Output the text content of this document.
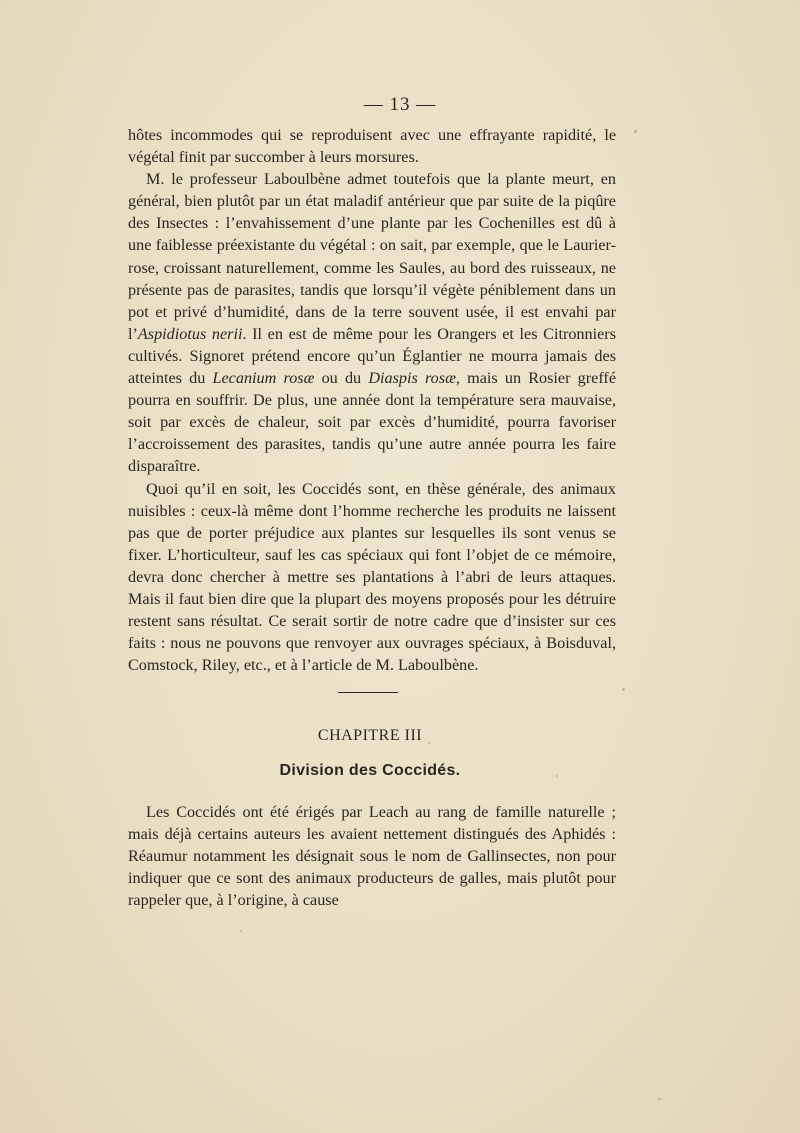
— 13 —

hôtes incommodes qui se reproduisent avec une effrayante rapidité, le végétal finit par succomber à leurs morsures.

M. le professeur Laboulbène admet toutefois que la plante meurt, en général, bien plutôt par un état maladif antérieur que par suite de la piqûre des Insectes : l’envahissement d’une plante par les Cochenilles est dû à une faiblesse préexistante du végétal : on sait, par exemple, que le Laurier-rose, croissant naturellement, comme les Saules, au bord des ruisseaux, ne présente pas de parasites, tandis que lorsqu’il végète péniblement dans un pot et privé d’humidité, dans de la terre souvent usée, il est envahi par l’Aspidiotus nerii. Il en est de même pour les Orangers et les Citronniers cultivés. Signoret prétend encore qu’un Églantier ne mourra jamais des atteintes du Lecanium rosæ ou du Diaspis rosæ, mais un Rosier greffé pourra en souffrir. De plus, une année dont la température sera mauvaise, soit par excès de chaleur, soit par excès d’humidité, pourra favoriser l’accroissement des parasites, tandis qu’une autre année pourra les faire disparaître.

Quoi qu’il en soit, les Coccidés sont, en thèse générale, des animaux nuisibles : ceux-là même dont l’homme recherche les produits ne laissent pas que de porter préjudice aux plantes sur lesquelles ils sont venus se fixer. L’horticulteur, sauf les cas spéciaux qui font l’objet de ce mémoire, devra donc chercher à mettre ses plantations à l’abri de leurs attaques. Mais il faut bien dire que la plupart des moyens proposés pour les détruire restent sans résultat. Ce serait sortir de notre cadre que d’insister sur ces faits : nous ne pouvons que renvoyer aux ouvrages spéciaux, à Boisduval, Comstock, Riley, etc., et à l’article de M. Laboulbène.

CHAPITRE III
Division des Coccidés.

Les Coccidés ont été érigés par Leach au rang de famille naturelle ; mais déjà certains auteurs les avaient nettement distingués des Aphidés : Réaumur notamment les désignait sous le nom de Gallinsectes, non pour indiquer que ce sont des animaux producteurs de galles, mais plutôt pour rappeler que, à l’origine, à cause
